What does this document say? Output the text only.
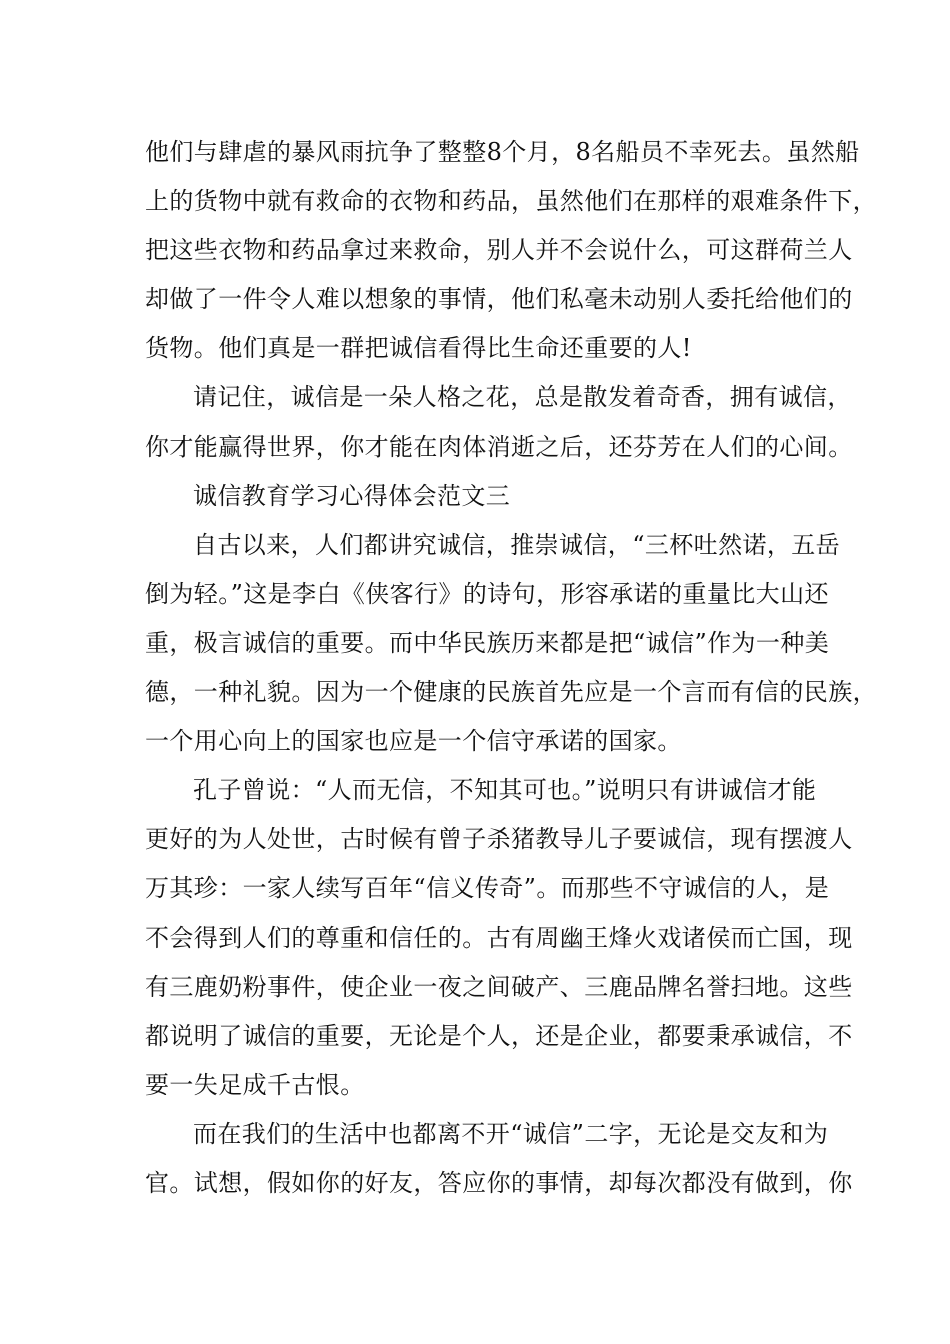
他们与肆虐的暴风雨抗争了整整8个月，8名船员不幸死去。虽然船
上的货物中就有救命的衣物和药品，虽然他们在那样的艰难条件下，
把这些衣物和药品拿过来救命，别人并不会说什么，可这群荷兰人
却做了一件令人难以想象的事情，他们私毫未动别人委托给他们的
货物。他们真是一群把诚信看得比生命还重要的人!
请记住，诚信是一朵人格之花，总是散发着奇香，拥有诚信，
你才能赢得世界，你才能在肉体消逝之后，还芬芳在人们的心间。
诚信教育学习心得体会范文三
自古以来，人们都讲究诚信，推崇诚信，“三杯吐然诺，五岳
倒为轻。”这是李白《侠客行》的诗句，形容承诺的重量比大山还
重，极言诚信的重要。而中华民族历来都是把“诚信”作为一种美
德，一种礼貌。因为一个健康的民族首先应是一个言而有信的民族，
一个用心向上的国家也应是一个信守承诺的国家。
孔子曾说：“人而无信，不知其可也。”说明只有讲诚信才能
更好的为人处世，古时候有曾子杀猪教导儿子要诚信，现有摆渡人
万其珍：一家人续写百年“信义传奇”。而那些不守诚信的人，是
不会得到人们的尊重和信任的。古有周幽王烽火戏诸侯而亡国，现
有三鹿奶粉事件，使企业一夜之间破产、三鹿品牌名誉扫地。这些
都说明了诚信的重要，无论是个人，还是企业，都要秉承诚信，不
要一失足成千古恨。
而在我们的生活中也都离不开“诚信”二字，无论是交友和为
官。试想，假如你的好友，答应你的事情，却每次都没有做到，你
